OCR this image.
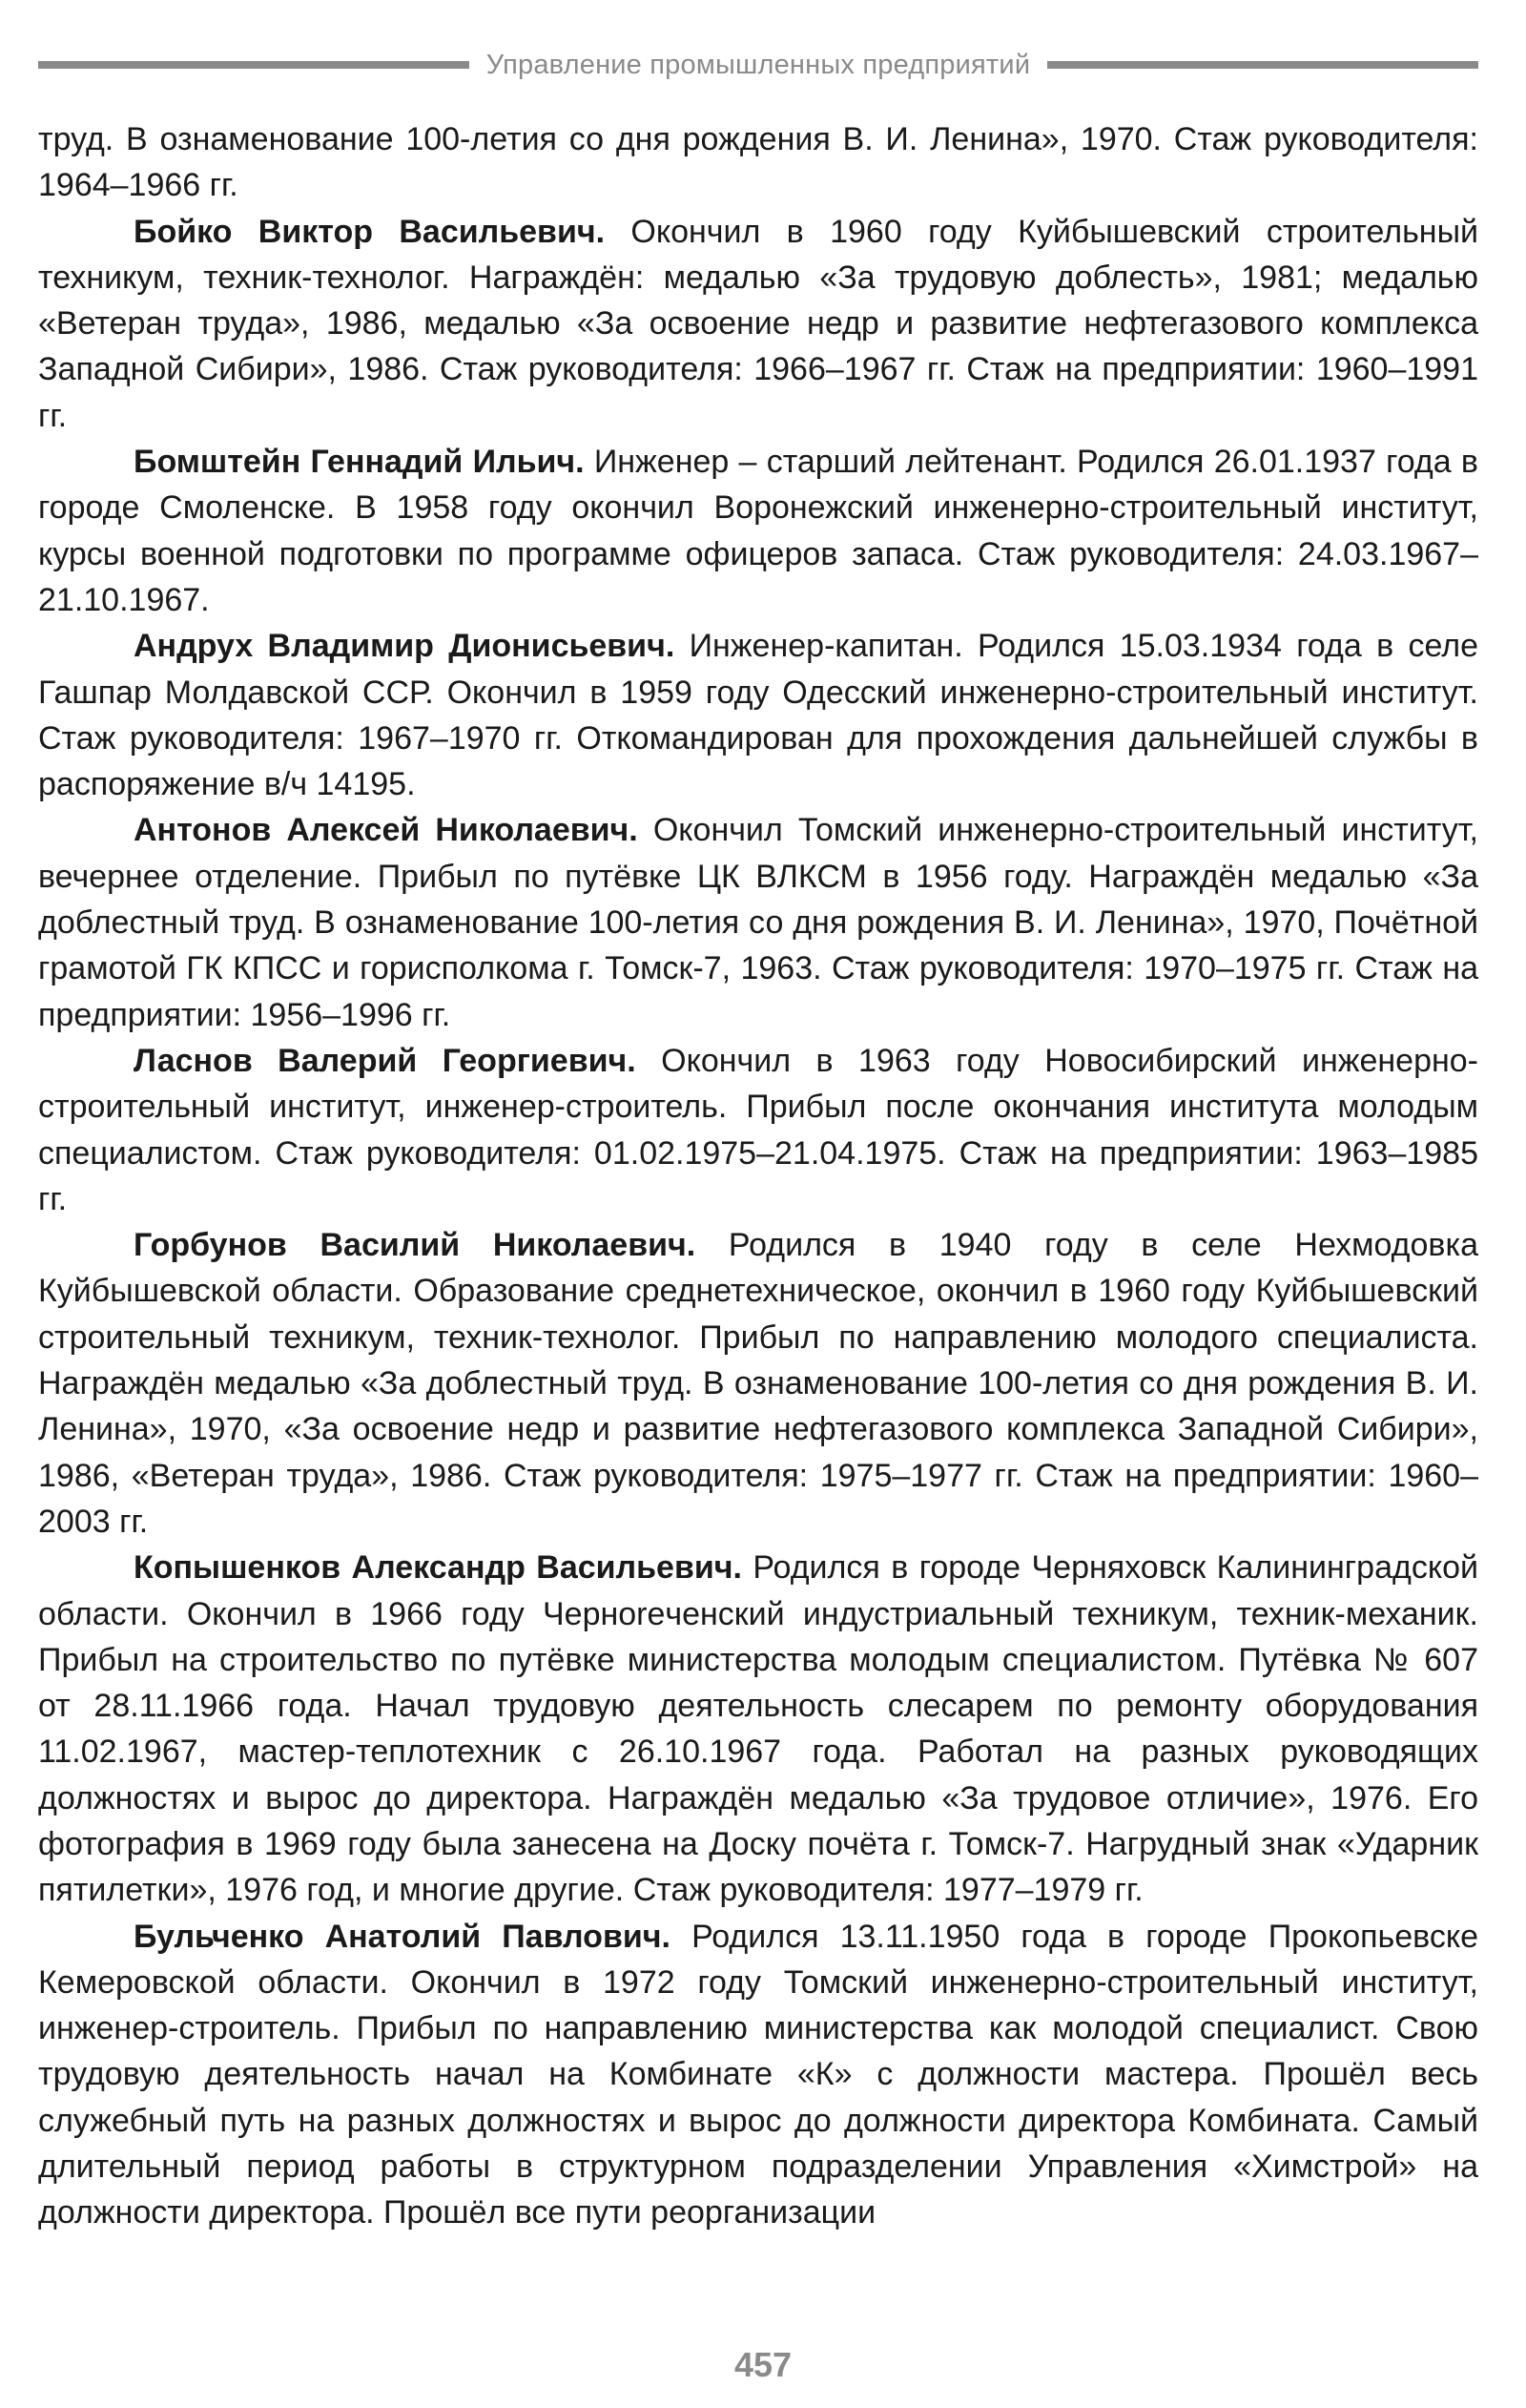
Управление промышленных предприятий

труд. В ознаменование 100-летия со дня рождения В. И. Ленина», 1970. Стаж руководителя: 1964–1966 гг.

Бойко Виктор Васильевич. Окончил в 1960 году Куйбышевский строительный техникум, техник-технолог. Награждён: медалью «За трудовую доблесть», 1981; медалью «Ветеран труда», 1986, медалью «За освоение недр и развитие нефтегазового комплекса Западной Сибири», 1986. Стаж руководителя: 1966–1967 гг. Стаж на предприятии: 1960–1991 гг.

Бомштейн Геннадий Ильич. Инженер – старший лейтенант. Родился 26.01.1937 года в городе Смоленске. В 1958 году окончил Воронежский инженерно-строительный институт, курсы военной подготовки по программе офицеров запаса. Стаж руководителя: 24.03.1967–21.10.1967.

Андрух Владимир Дионисьевич. Инженер-капитан. Родился 15.03.1934 года в селе Гашпар Молдавской ССР. Окончил в 1959 году Одесский инженерно-строительный институт. Стаж руководителя: 1967–1970 гг. Откомандирован для прохождения дальнейшей службы в распоряжение в/ч 14195.

Антонов Алексей Николаевич. Окончил Томский инженерно-строительный институт, вечернее отделение. Прибыл по путёвке ЦК ВЛКСМ в 1956 году. Награждён медалью «За доблестный труд. В ознаменование 100-летия со дня рождения В. И. Ленина», 1970, Почётной грамотой ГК КПСС и горисполкома г. Томск-7, 1963. Стаж руководителя: 1970–1975 гг. Стаж на предприятии: 1956–1996 гг.

Ласнов Валерий Георгиевич. Окончил в 1963 году Новосибирский инженерно-строительный институт, инженер-строитель. Прибыл после окончания института молодым специалистом. Стаж руководителя: 01.02.1975–21.04.1975. Стаж на предприятии: 1963–1985 гг.

Горбунов Василий Николаевич. Родился в 1940 году в селе Нехмодовка Куйбышевской области. Образование среднетехническое, окончил в 1960 году Куйбышевский строительный техникум, техник-технолог. Прибыл по направлению молодого специалиста. Награждён медалью «За доблестный труд. В ознаменование 100-летия со дня рождения В. И. Ленина», 1970, «За освоение недр и развитие нефтегазового комплекса Западной Сибири», 1986, «Ветеран труда», 1986. Стаж руководителя: 1975–1977 гг. Стаж на предприятии: 1960–2003 гг.

Копышенков Александр Васильевич. Родился в городе Черняховск Калининградской области. Окончил в 1966 году Черноreченский индустриальный техникум, техник-механик. Прибыл на строительство по путёвке министерства молодым специалистом. Путёвка № 607 от 28.11.1966 года. Начал трудовую деятельность слесарем по ремонту оборудования 11.02.1967, мастер-теплотехник с 26.10.1967 года. Работал на разных руководящих должностях и вырос до директора. Награждён медалью «За трудовое отличие», 1976. Его фотография в 1969 году была занесена на Доску почёта г. Томск-7. Нагрудный знак «Ударник пятилетки», 1976 год, и многие другие. Стаж руководителя: 1977–1979 гг.

Бульченко Анатолий Павлович. Родился 13.11.1950 года в городе Прокопьевске Кемеровской области. Окончил в 1972 году Томский инженерно-строительный институт, инженер-строитель. Прибыл по направлению министерства как молодой специалист. Свою трудовую деятельность начал на Комбинате «К» с должности мастера. Прошёл весь служебный путь на разных должностях и вырос до должности директора Комбината. Самый длительный период работы в структурном подразделении Управления «Химстрой» на должности директора. Прошёл все пути реорганизации

457
